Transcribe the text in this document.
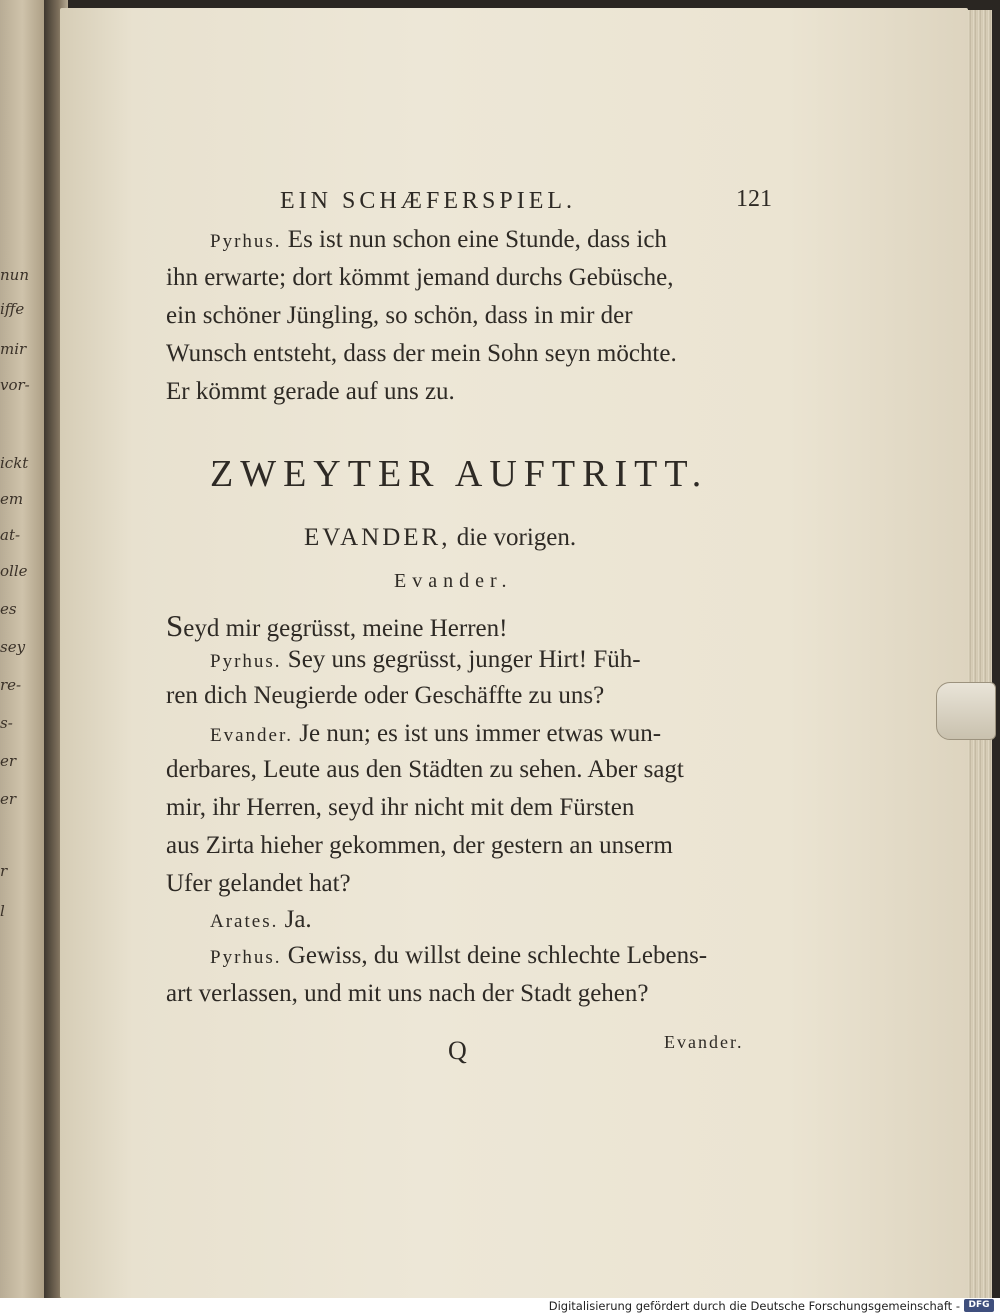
nun
iffe
mir
vor-
ickt
em
at-
olle
es
sey
re-
s-
er
er
r
l
EIN SCHÆFERSPIEL.	121
Pyrhus. Es ist nun schon eine Stunde, dass ich
ihn erwarte; dort kömmt jemand durchs Gebüsche,
ein schöner Jüngling, so schön, dass in mir der
Wunsch entsteht, dass der mein Sohn seyn möchte.
Er kömmt gerade auf uns zu.
ZWEYTER AUFTRITT.
EVANDER, die vorigen.
Evander.
Seyd mir gegrüsst, meine Herren!
Pyrhus. Sey uns gegrüsst, junger Hirt! Füh-
ren dich Neugierde oder Geschäffte zu uns?
Evander. Je nun; es ist uns immer etwas wun-
derbares, Leute aus den Städten zu sehen. Aber sagt
mir, ihr Herren, seyd ihr nicht mit dem Fürsten
aus Zirta hieher gekommen, der gestern an unserm
Ufer gelandet hat?
Arates. Ja.
Pyrhus. Gewiss, du willst deine schlechte Lebens-
art verlassen, und mit uns nach der Stadt gehen?
Q	Evander.
Digitalisierung gefördert durch die Deutsche Forschungsgemeinschaft - DFG
